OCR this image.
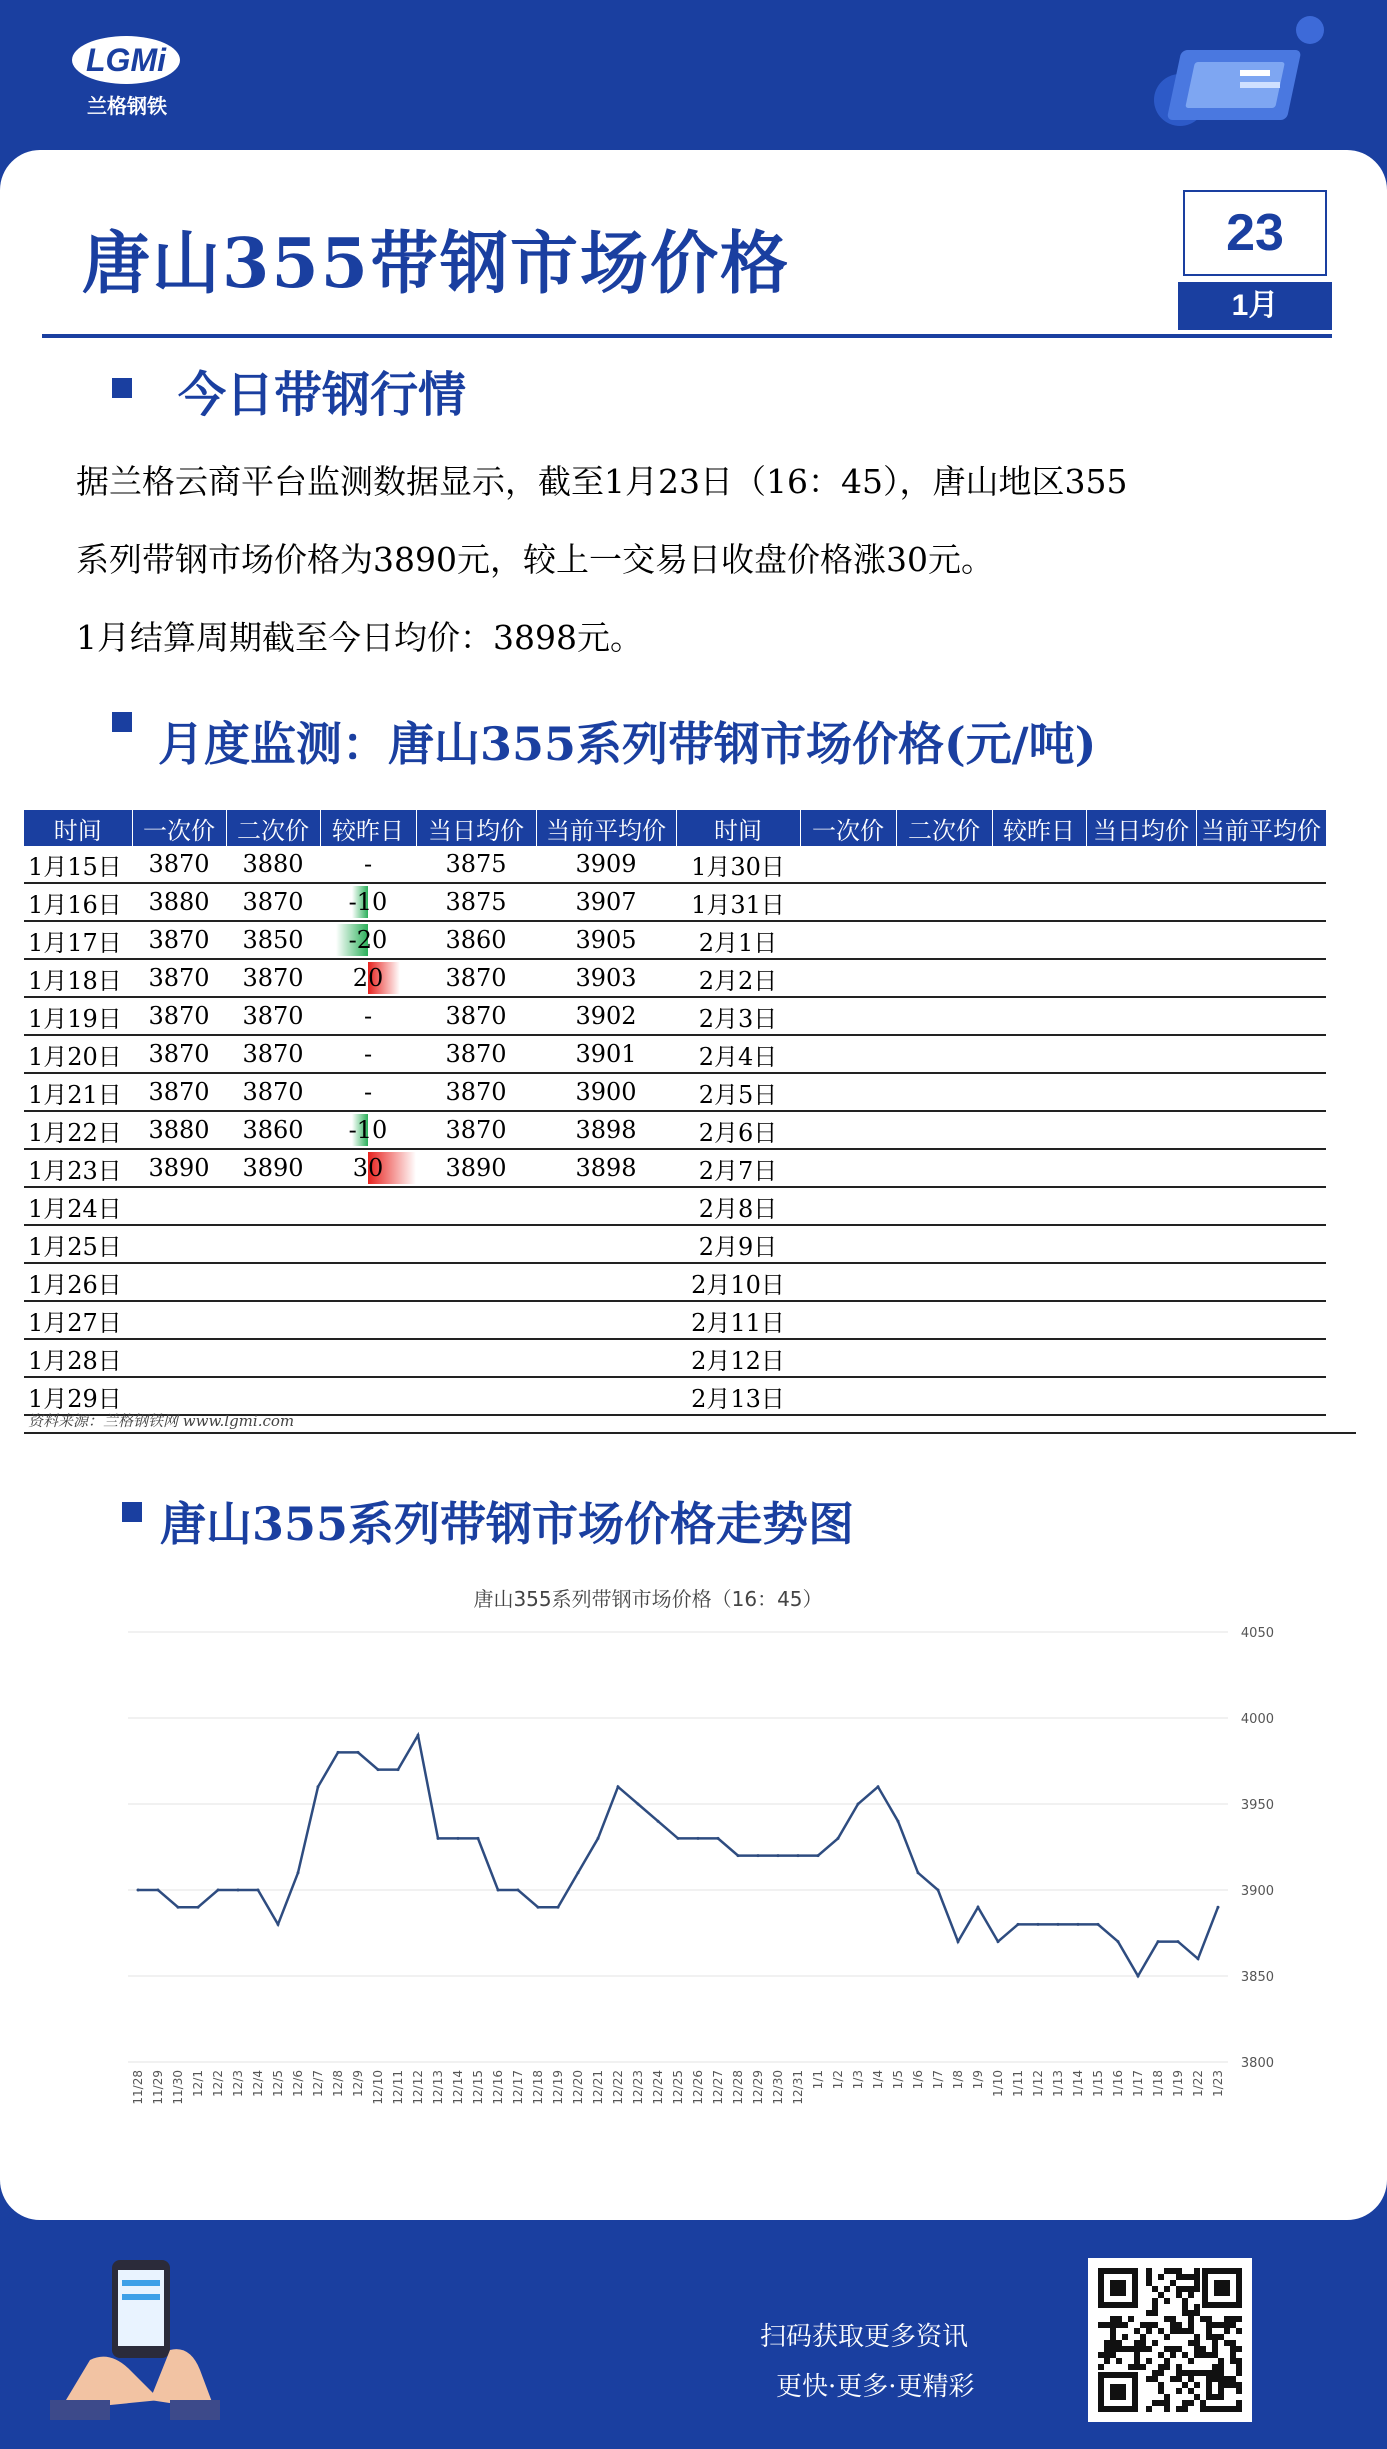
LGMi
兰格钢铁
唐山355带钢市场价格	23
1月
今日带钢行情
据兰格云商平台监测数据显示，截至1月23日（16：45），唐山地区355
系列带钢市场价格为3890元，较上一交易日收盘价格涨30元。
1月结算周期截至今日均价：3898元。
月度监测：唐山355系列带钢市场价格(元/吨)
时间	一次价	二次价	较昨日	当日均价	当前平均价	时间	一次价	二次价	较昨日	当日均价	当前平均价
1月15日	3870	3880	-	3875	3909	1月30日					
1月16日	3880	3870	-10	3875	3907	1月31日					
1月17日	3870	3850	-20	3860	3905	2月1日					
1月18日	3870	3870	20	3870	3903	2月2日					
1月19日	3870	3870	-	3870	3902	2月3日					
1月20日	3870	3870	-	3870	3901	2月4日					
1月21日	3870	3870	-	3870	3900	2月5日					
1月22日	3880	3860	-10	3870	3898	2月6日					
1月23日	3890	3890	30	3890	3898	2月7日					
1月24日						2月8日					
1月25日						2月9日					
1月26日						2月10日					
1月27日						2月11日					
1月28日						2月12日					
1月29日						2月13日					
资料来源：兰格钢铁网 www.lgmi.com
唐山355系列带钢市场价格走势图
唐山355系列带钢市场价格（16：45）
4050
4000
3950
3900
3850
3800
11/28 11/29 11/30 12/1 12/2 12/3 12/4 12/5 12/6 12/7 12/8 12/9 12/10 12/11 12/12 12/13 12/14 12/15 12/16 12/17 12/18 12/19 12/20 12/21 12/22 12/23 12/24 12/25 12/26 12/27 12/28 12/29 12/30 12/31 1/1 1/2 1/3 1/4 1/5 1/6 1/7 1/8 1/9 1/10 1/11 1/12 1/13 1/14 1/15 1/16 1/17 1/18 1/19 1/22 1/23
扫码获取更多资讯
更快·更多·更精彩
